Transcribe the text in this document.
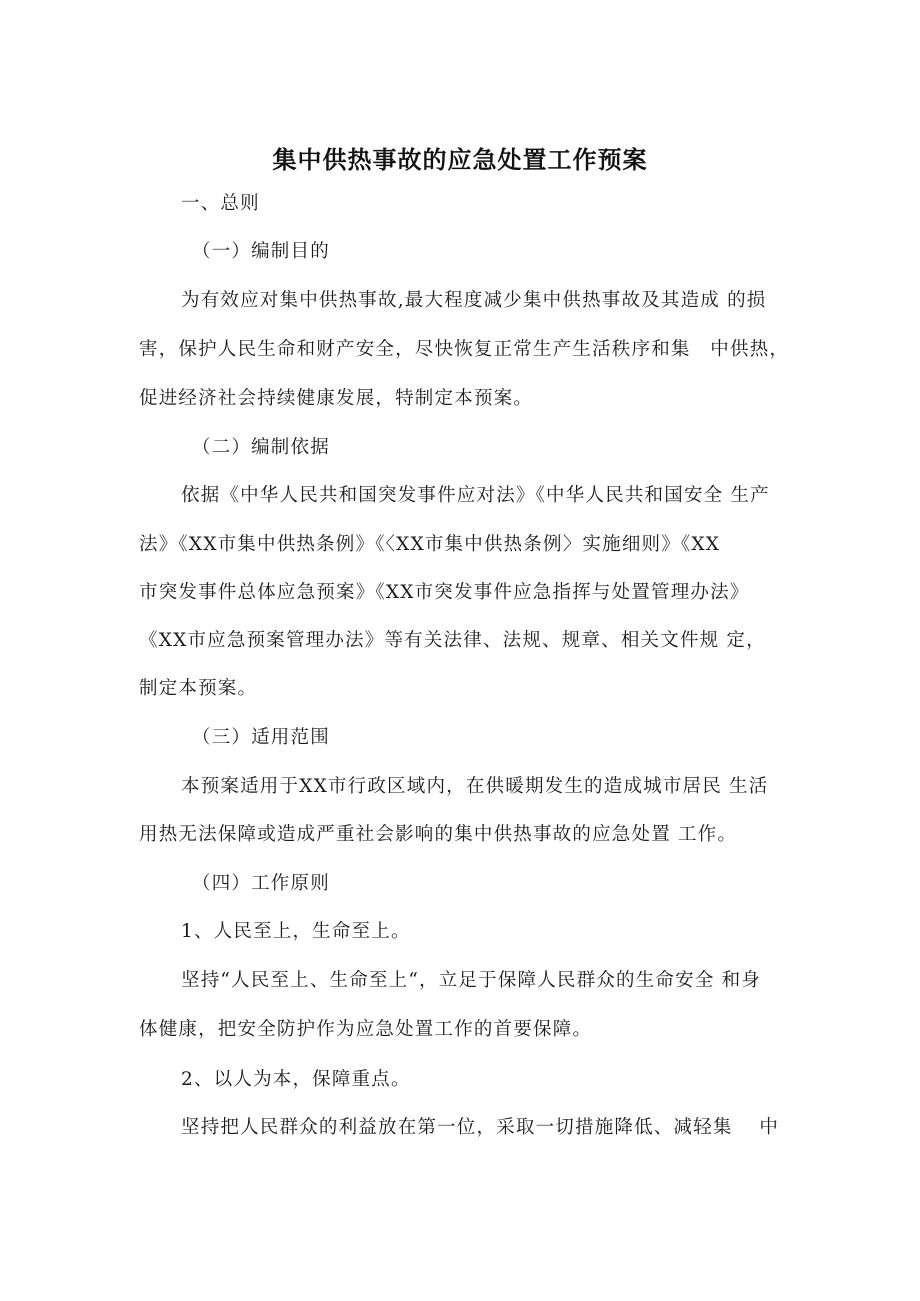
集中供热事故的应急处置工作预案
一、总则
（一）编制目的
为有效应对集中供热事故,最大程度减少集中供热事故及其造成 的损
害，保护人民生命和财产安全，尽快恢复正常生产生活秩序和集　中供热，
促进经济社会持续健康发展，特制定本预案。
（二）编制依据
依据《中华人民共和国突发事件应对法》《中华人民共和国安全 生产
法》《XX市集中供热条例》《〈XX市集中供热条例〉实施细则》《XX
市突发事件总体应急预案》《XX市突发事件应急指挥与处置管理办法》
《XX市应急预案管理办法》等有关法律、法规、规章、相关文件规 定，
制定本预案。
（三）适用范围
本预案适用于XX市行政区域内，在供暖期发生的造成城市居民 生活
用热无法保障或造成严重社会影响的集中供热事故的应急处置 工作。
（四）工作原则
1、人民至上，生命至上。
坚持“人民至上、生命至上“，立足于保障人民群众的生命安全 和身
体健康，把安全防护作为应急处置工作的首要保障。
2、以人为本，保障重点。
坚持把人民群众的利益放在第一位，采取一切措施降低、减轻集　 中
